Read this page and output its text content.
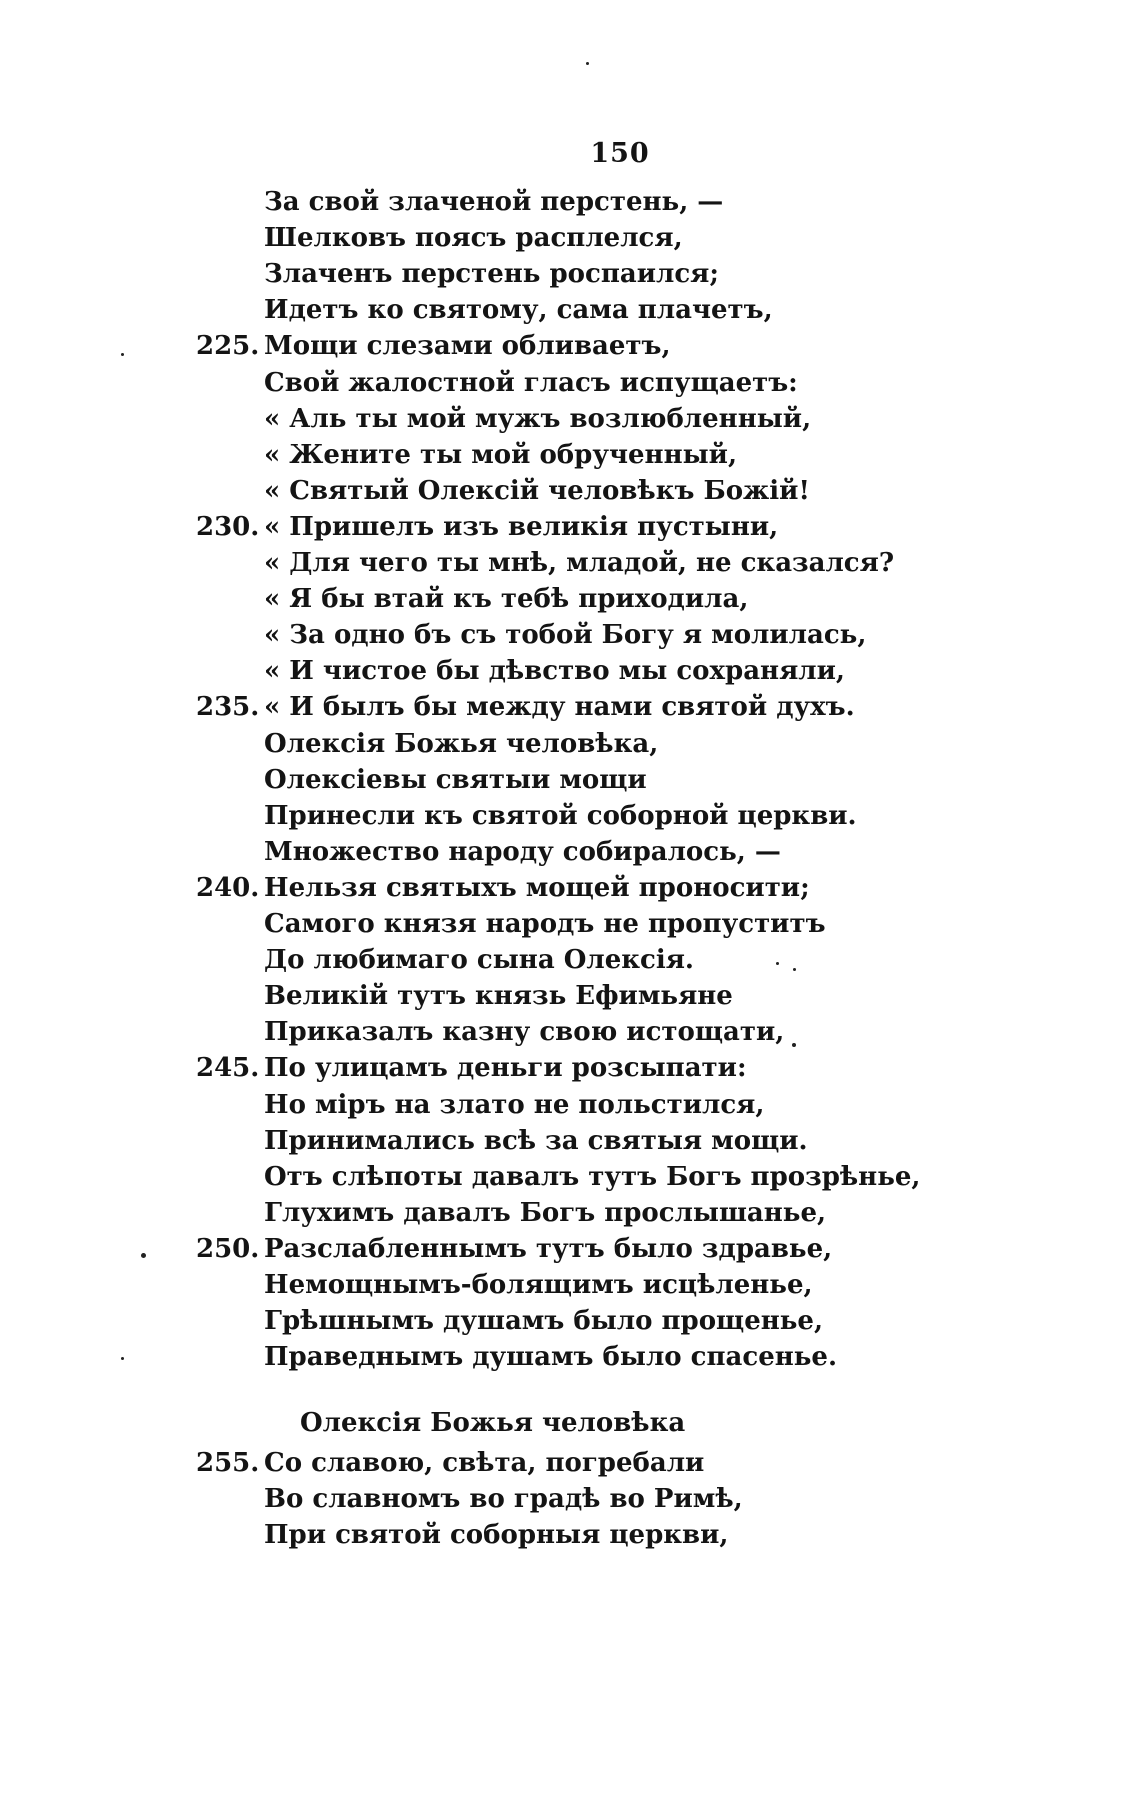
150
За свой злаченой перстень, —
Шелковъ поясъ расплелся,
Злаченъ перстень роспаился;
Идетъ ко святому, сама плачетъ,
225. Мощи слезами обливаетъ,
Свой жалостной гласъ испущаетъ:
« Аль ты мой мужъ возлюбленный,
« Жените ты мой обрученный,
« Святый Олексій человѣкъ Божій!
230. « Пришелъ изъ великія пустыни,
« Для чего ты мнѣ, младой, не сказался?
« Я бы втай къ тебѣ приходила,
« За одно бъ съ тобой Богу я молилась,
« И чистое бы дѣвство мы сохраняли,
235. « И былъ бы между нами святой духъ.
Олексія Божья человѣка,
Олексіевы святыи мощи
Принесли къ святой соборной церкви.
Множество народу собиралось, —
240. Нельзя святыхъ мощей проносити;
Самого князя народъ не пропуститъ
До любимаго сына Олексія.
Великій тутъ князь Ефимьяне
Приказалъ казну свою истощати,
245. По улицамъ деньги розсыпати:
Но міръ на злато не польстился,
Принимались всѣ за святыя мощи.
Отъ слѣпоты давалъ тутъ Богъ прозрѣнье,
Глухимъ давалъ Богъ прослышанье,
250. Разслабленнымъ тутъ было здравье,
Немощнымъ-болящимъ исцѣленье,
Грѣшнымъ душамъ было прощенье,
Праведнымъ душамъ было спасенье.
Олексія Божья человѣка
255. Со славою, свѣта, погребали
Во славномъ во градѣ во Римѣ,
При святой соборныя церкви,
